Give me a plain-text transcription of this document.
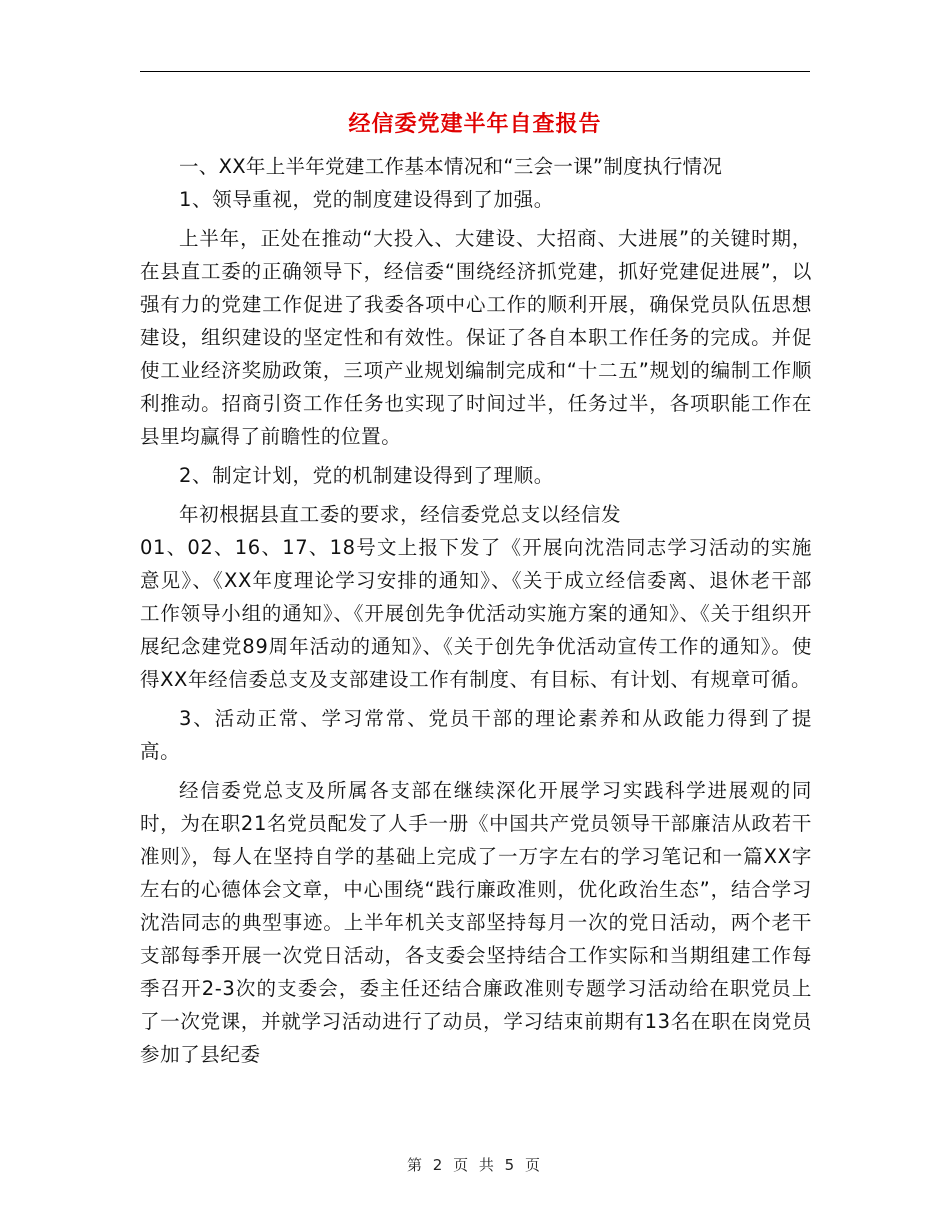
经信委党建半年自查报告

一、XX年上半年党建工作基本情况和“三会一课”制度执行情况

1、领导重视，党的制度建设得到了加强。

上半年，正处在推动“大投入、大建设、大招商、大进展”的关键时期，在县直工委的正确领导下，经信委“围绕经济抓党建，抓好党建促进展”，以强有力的党建工作促进了我委各项中心工作的顺利开展，确保党员队伍思想建设，组织建设的坚定性和有效性。保证了各自本职工作任务的完成。并促使工业经济奖励政策，三项产业规划编制完成和“十二五”规划的编制工作顺利推动。招商引资工作任务也实现了时间过半，任务过半，各项职能工作在县里均赢得了前瞻性的位置。

2、制定计划，党的机制建设得到了理顺。

年初根据县直工委的要求，经信委党总支以经信发

01、02、16、17、18号文上报下发了《开展向沈浩同志学习活动的实施意见》、《XX年度理论学习安排的通知》、《关于成立经信委离、退休老干部工作领导小组的通知》、《开展创先争优活动实施方案的通知》、《关于组织开展纪念建党89周年活动的通知》、《关于创先争优活动宣传工作的通知》。使得XX年经信委总支及支部建设工作有制度、有目标、有计划、有规章可循。

3、活动正常、学习常常、党员干部的理论素养和从政能力得到了提高。

经信委党总支及所属各支部在继续深化开展学习实践科学进展观的同时，为在职21名党员配发了人手一册《中国共产党员领导干部廉洁从政若干准则》，每人在坚持自学的基础上完成了一万字左右的学习笔记和一篇XX字左右的心德体会文章，中心围绕“践行廉政准则，优化政治生态”，结合学习沈浩同志的典型事迹。上半年机关支部坚持每月一次的党日活动，两个老干支部每季开展一次党日活动，各支委会坚持结合工作实际和当期组建工作每季召开2-3次的支委会，委主任还结合廉政准则专题学习活动给在职党员上了一次党课，并就学习活动进行了动员，学习结束前期有13名在职在岗党员参加了县纪委

第 2 页 共 5 页
